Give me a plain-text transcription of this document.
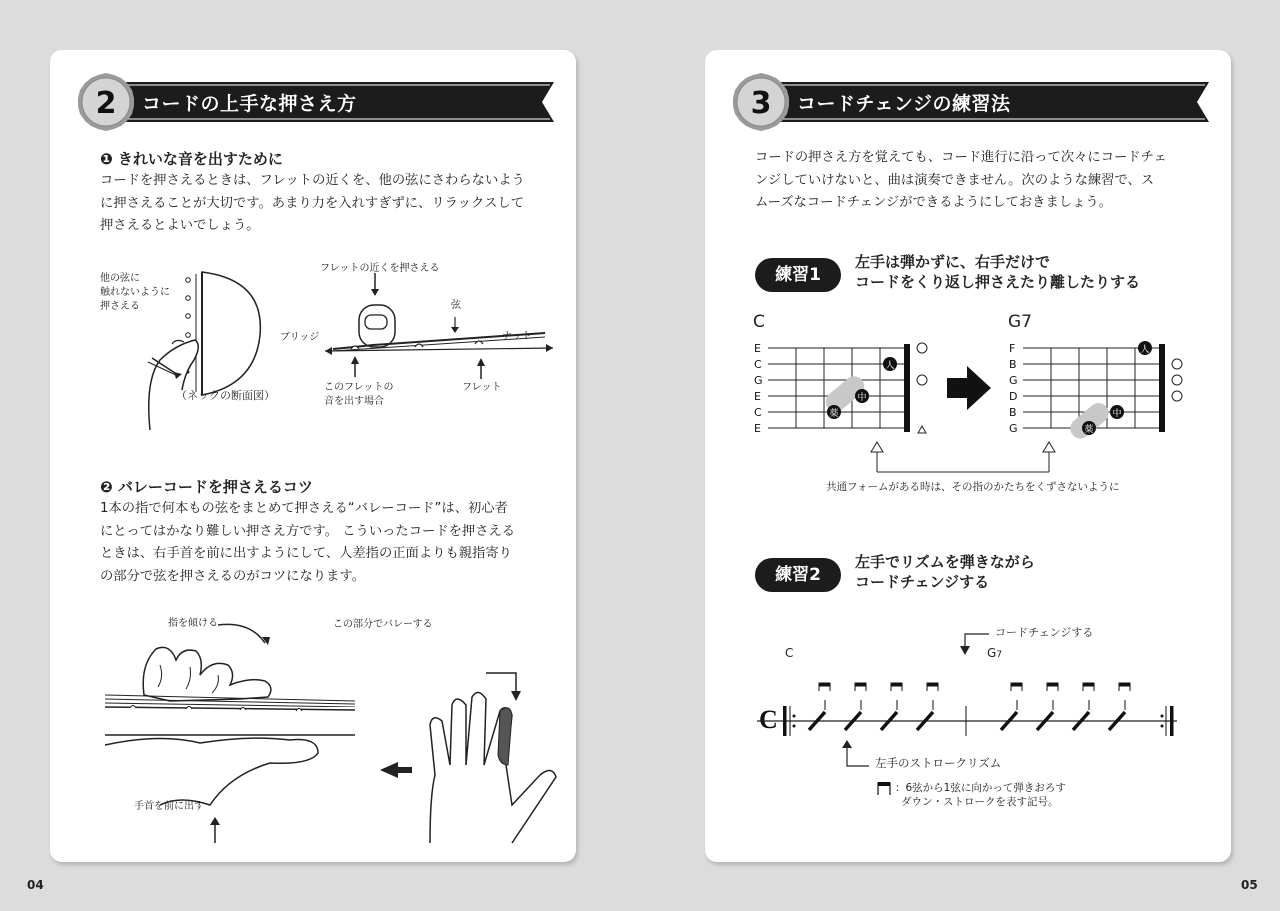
2 コードの上手な押さえ方
❶ きれいな音を出すために

コードを押さえるときは、フレットの近くを、他の弦にさわらないよう

に押さえることが大切です。あまり力を入れすぎずに、リラックスして

押さえるとよいでしょう。

他の弦に
触れないように
押さえる
（ネックの断面図）
フレットの近くを押さえる
弦
ブリッジ	ナット
フレット
このフレットの
音を出す場合
❷ バレーコードを押さえるコツ

1本の指で何本もの弦をまとめて押さえる“バレーコード”は、初心者

にとってはかなり難しい押さえ方です。 こういったコードを押さえる

ときは、右手首を前に出すようにして、人差指の正面よりも親指寄り

の部分で弦を押さえるのがコツになります。

指を傾ける
手首を前に出す
この部分でバレーする
04
3 コードチェンジの練習法

コードの押さえ方を覚えても、コード進行に沿って次々にコードチェ

ンジしていけないと、曲は演奏できません。次のような練習で、ス

ムーズなコードチェンジができるようにしておきましょう。

練習1
左手は弾かずに、右手だけで
コードをくり返し押さえたり離したりする
C	G7
E
C
G
E
C
E
人
中
薬
F
B
G
D
B
G
人
中
薬
共通フォームがある時は、その指のかたちをくずさないように
練習2
左手でリズムを弾きながら
コードチェンジする
コードチェンジする
C	G7
C
左手のストロークリズム
：6弦から1弦に向かって弾きおろす
ダウン・ストロークを表す記号。
05
